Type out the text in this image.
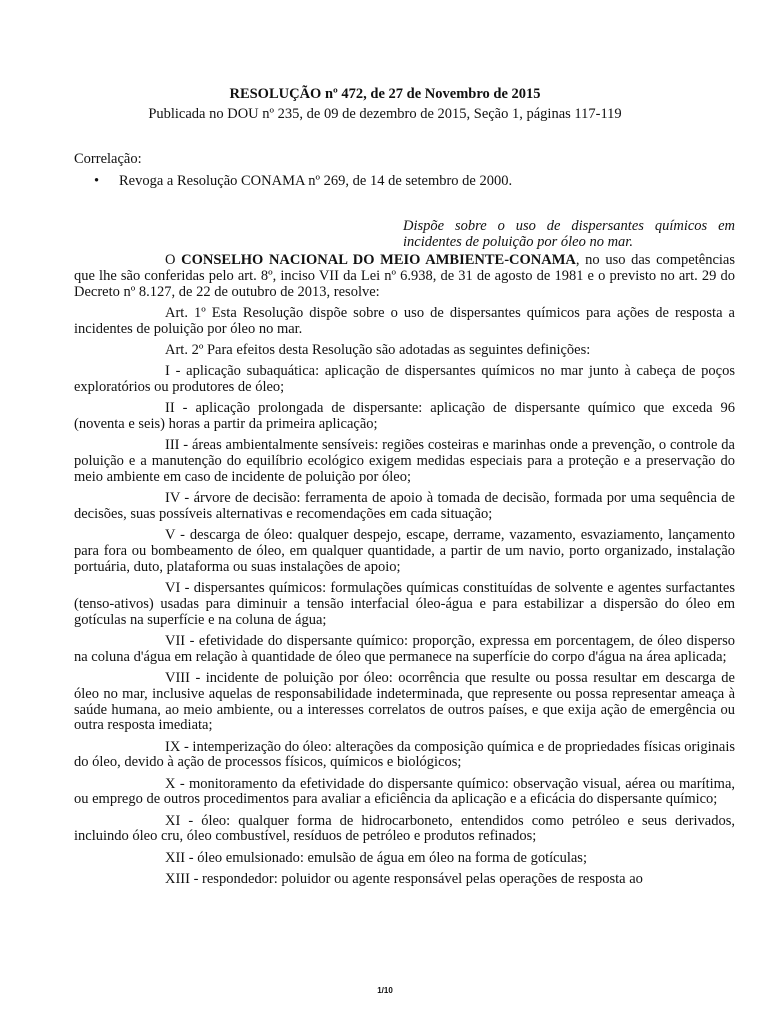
RESOLUÇÃO nº 472, de 27 de Novembro de 2015
Publicada no DOU nº 235, de 09 de dezembro de 2015, Seção 1, páginas 117-119
Correlação:
• Revoga a Resolução CONAMA nº 269, de 14 de setembro de 2000.
Dispõe sobre o uso de dispersantes químicos em incidentes de poluição por óleo no mar.

O CONSELHO NACIONAL DO MEIO AMBIENTE-CONAMA, no uso das competências que lhe são conferidas pelo art. 8º, inciso VII da Lei nº 6.938, de 31 de agosto de 1981 e o previsto no art. 29 do Decreto nº 8.127, de 22 de outubro de 2013, resolve:

Art. 1º Esta Resolução dispõe sobre o uso de dispersantes químicos para ações de resposta a incidentes de poluição por óleo no mar.

Art. 2º Para efeitos desta Resolução são adotadas as seguintes definições:

I - aplicação subaquática: aplicação de dispersantes químicos no mar junto à cabeça de poços exploratórios ou produtores de óleo;

II - aplicação prolongada de dispersante: aplicação de dispersante químico que exceda 96 (noventa e seis) horas a partir da primeira aplicação;

III - áreas ambientalmente sensíveis: regiões costeiras e marinhas onde a prevenção, o controle da poluição e a manutenção do equilíbrio ecológico exigem medidas especiais para a proteção e a preservação do meio ambiente em caso de incidente de poluição por óleo;

IV - árvore de decisão: ferramenta de apoio à tomada de decisão, formada por uma sequência de decisões, suas possíveis alternativas e recomendações em cada situação;

V - descarga de óleo: qualquer despejo, escape, derrame, vazamento, esvaziamento, lançamento para fora ou bombeamento de óleo, em qualquer quantidade, a partir de um navio, porto organizado, instalação portuária, duto, plataforma ou suas instalações de apoio;

VI - dispersantes químicos: formulações químicas constituídas de solvente e agentes surfactantes (tenso-ativos) usadas para diminuir a tensão interfacial óleo-água e para estabilizar a dispersão do óleo em gotículas na superfície e na coluna de água;

VII - efetividade do dispersante químico: proporção, expressa em porcentagem, de óleo disperso na coluna d'água em relação à quantidade de óleo que permanece na superfície do corpo d'água na área aplicada;

VIII - incidente de poluição por óleo: ocorrência que resulte ou possa resultar em descarga de óleo no mar, inclusive aquelas de responsabilidade indeterminada, que represente ou possa representar ameaça à saúde humana, ao meio ambiente, ou a interesses correlatos de outros países, e que exija ação de emergência ou outra resposta imediata;

IX - intemperização do óleo: alterações da composição química e de propriedades físicas originais do óleo, devido à ação de processos físicos, químicos e biológicos;

X - monitoramento da efetividade do dispersante químico: observação visual, aérea ou marítima, ou emprego de outros procedimentos para avaliar a eficiência da aplicação e a eficácia do dispersante químico;

XI - óleo: qualquer forma de hidrocarboneto, entendidos como petróleo e seus derivados, incluindo óleo cru, óleo combustível, resíduos de petróleo e produtos refinados;

XII - óleo emulsionado: emulsão de água em óleo na forma de gotículas;

XIII - respondedor: poluidor ou agente responsável pelas operações de resposta ao

1/10
